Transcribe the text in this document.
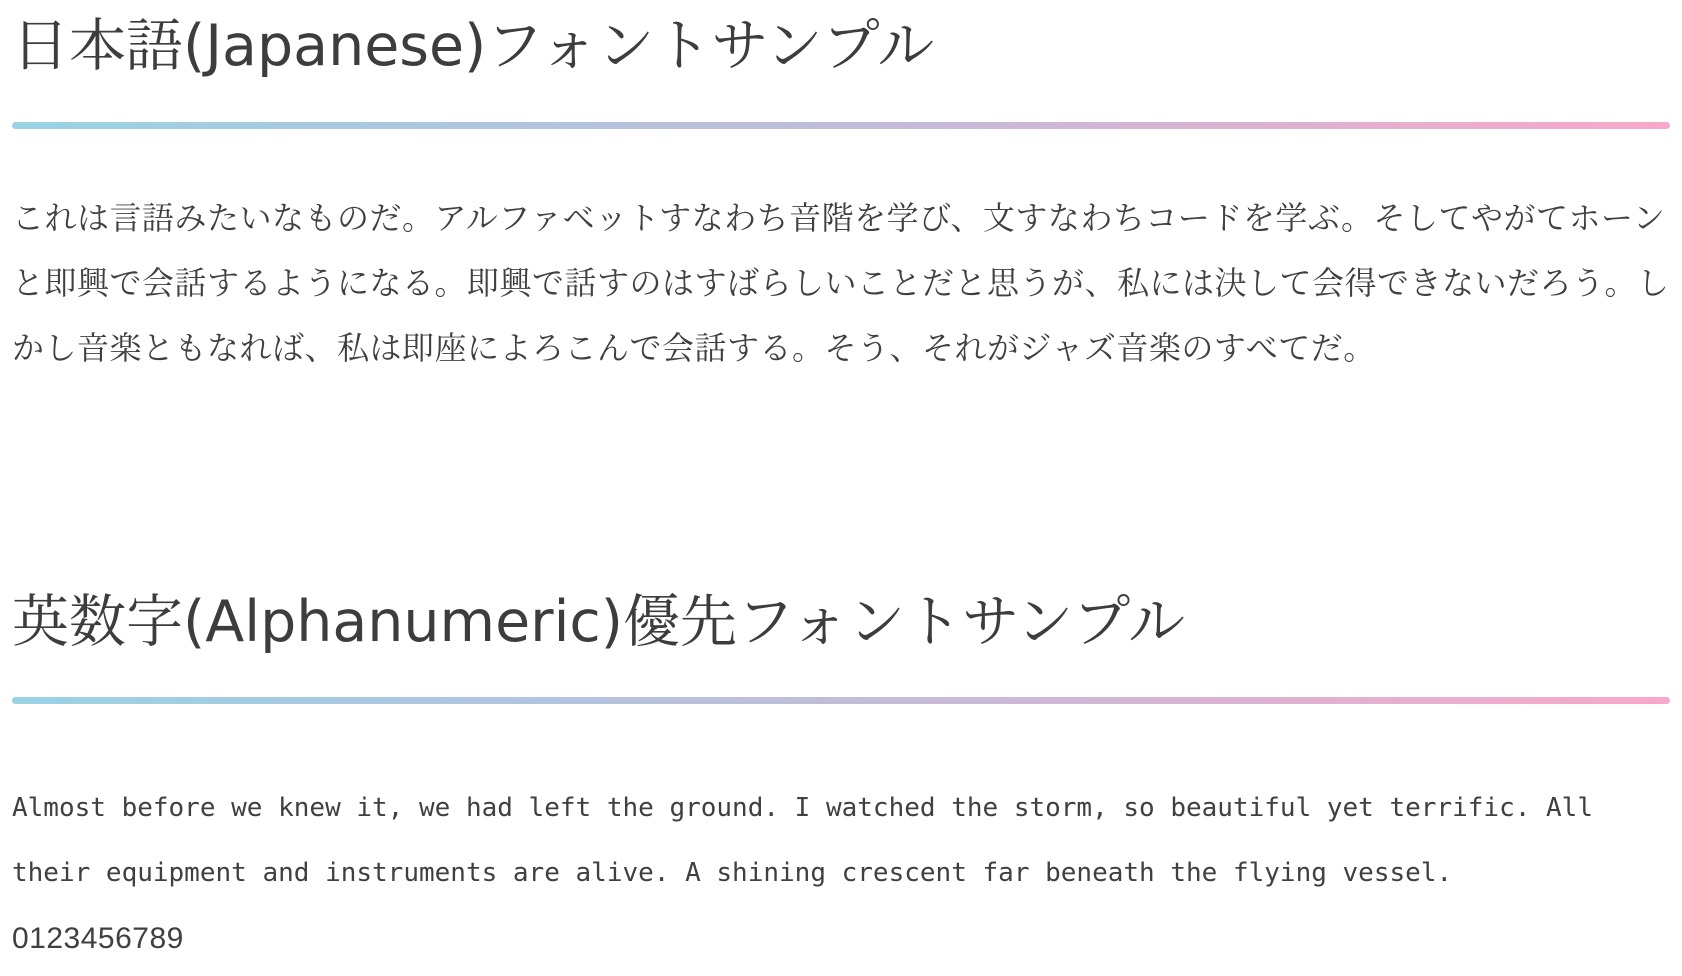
日本語(Japanese)フォントサンプル

これは言語みたいなものだ。アルファベットすなわち音階を学び、文すなわちコードを学ぶ。そしてやがてホーンと即興で会話するようになる。即興で話すのはすばらしいことだと思うが、私には決して会得できないだろう。しかし音楽ともなれば、私は即座によろこんで会話する。そう、それがジャズ音楽のすべてだ。

英数字(Alphanumeric)優先フォントサンプル

Almost before we knew it, we had left the ground. I watched the storm, so beautiful yet terrific. All their equipment and instruments are alive. A shining crescent far beneath the flying vessel.

0123456789
